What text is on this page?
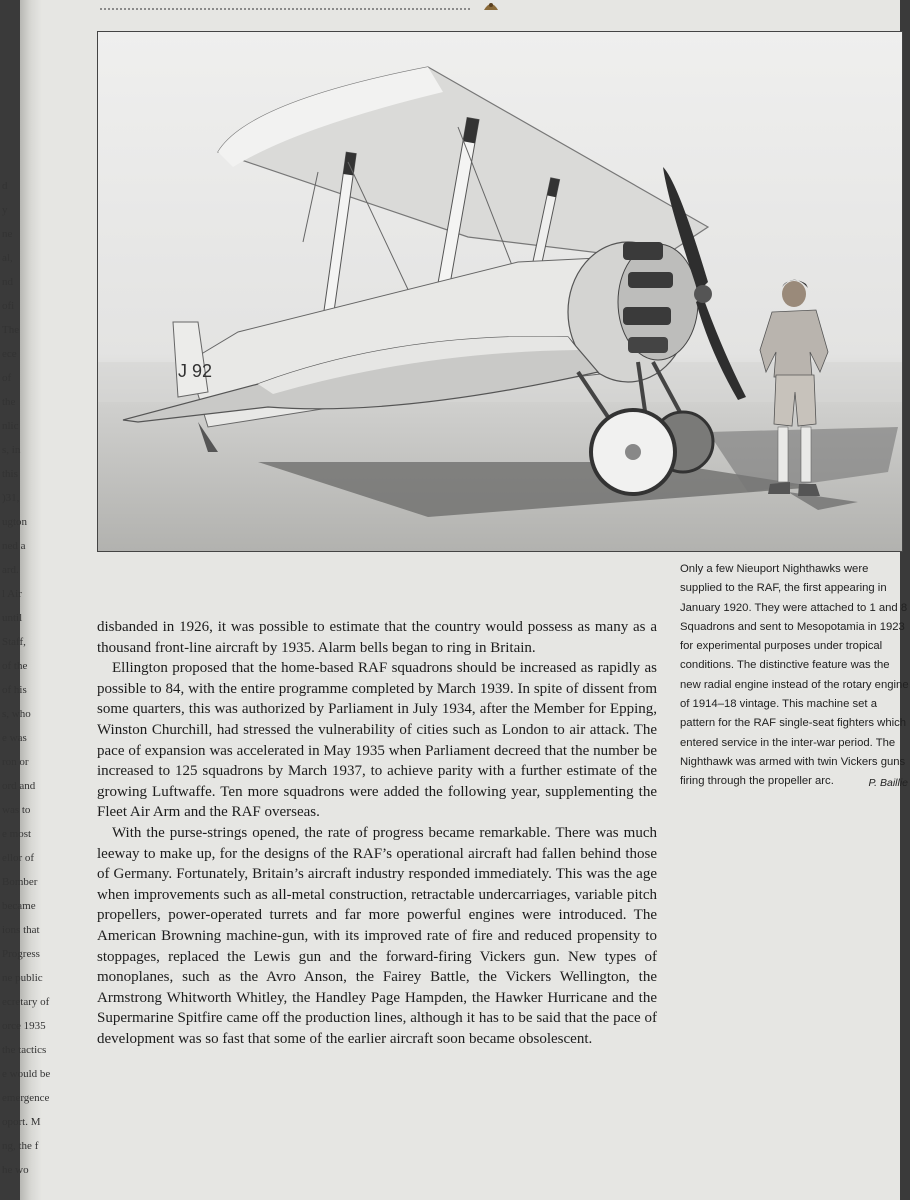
J 92

Only a few Nieuport Nighthawks were supplied to the RAF, the first appearing in January 1920. They were attached to 1 and 8 Squadrons and sent to Mesopotamia in 1923 for experimental purposes under tropical conditions. The distinctive feature was the new radial engine instead of the rotary engine of 1914–18 vintage. This machine set a pattern for the RAF single-seat fighters which entered service in the inter-war period. The Nighthawk was armed with twin Vickers guns firing through the propeller arc.	P. Baillie

disbanded in 1926, it was possible to estimate that the country would possess as many as a thousand front-line aircraft by 1935. Alarm bells began to ring in Britain.

Ellington proposed that the home-based RAF squadrons should be increased as rapidly as possible to 84, with the entire programme completed by March 1939. In spite of dissent from some quarters, this was authorized by Parliament in July 1934, after the Member for Epping, Winston Churchill, had stressed the vulnerability of cities such as London to air attack. The pace of expansion was accelerated in May 1935 when Parliament decreed that the number be increased to 125 squadrons by March 1937, to achieve parity with a further estimate of the growing Luftwaffe. Ten more squadrons were added the following year, supplementing the Fleet Air Arm and the RAF overseas.

With the purse-strings opened, the rate of progress became remarkable. There was much leeway to make up, for the designs of the RAF’s operational aircraft had fallen behind those of Germany. Fortunately, Britain’s aircraft industry responded immediately. This was the age when improvements such as all-metal construction, retractable undercarriages, variable pitch propellers, power-operated turrets and far more powerful engines were introduced. The American Browning machine-gun, with its improved rate of fire and reduced propensity to stoppages, replaced the Lewis gun and the forward-firing Vickers gun. New types of monoplanes, such as the Avro Anson, the Fairey Battle, the Vickers Wellington, the Armstrong Whitworth Whitley, the Handley Page Hampden, the Hawker Hurricane and the Supermarine Spitfire came off the production lines, although it has to be said that the pace of development was so fast that some of the earlier aircraft soon became obsolescent.

d
y
ne
al,
nd
ofi
The
ece
of
the
nlic
s, in
this
)31,
ugton
ned a
ard.
l Air
until
Staff,
of the
of his
s, who
e was
ron or
ord and
was to
e most
ellor of
Bomber
became
ions that
Progress
ne public
ecretary of
orce 1935
the tactics
e would be
emergence
oport. M
ng, the f
he wo
